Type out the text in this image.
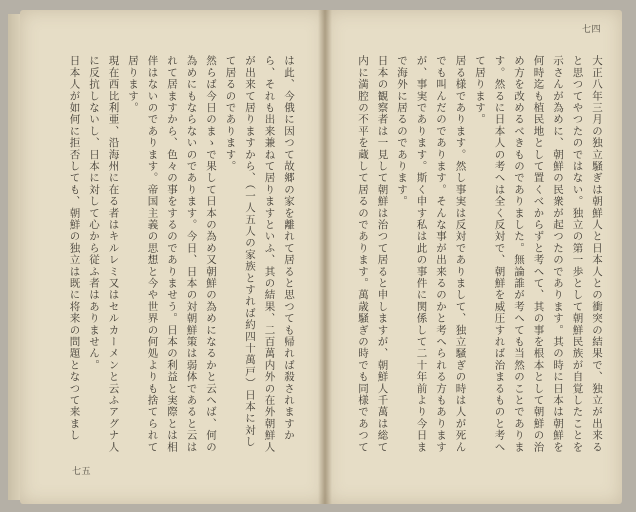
は此、今俄に因つて故郷の家を離れて居ると思つても帰れば殺されますから、それも出来兼ねて居りますといふ、其の結果、二百萬内外の在外朝鮮人が出来て居りますから、（一人五人の家族とすれば約四十萬戸）日本に対して居るのであります。

然らば今日のまゝで果して日本の為め又朝鮮の為めになるかと云へば、何の為めにもならないのであります。今日、日本の対朝鮮策は弱体であると云はれて居ますから、色々の事をするのでありませう。日本の利益と実際とは相伴はないのであります。帝国主義の思想と今や世界の何処よりも捨てられて居ります。

現在西比利亜、沿海州に在る者はキルレミ又はセルカーメンと云ふアグナ人に反抗しないし、日本に対して心から従ふ者はありません。

日本人が如何に拒否しても、朝鮮の独立は既に将来の問題となつて来まし	大正八年三月の独立騒ぎは朝鮮人と日本人との衝突の結果で、独立が出来ると思つてやつたのではない。独立の第一歩として朝鮮民族が自覚したことを示さんが為めに、朝鮮の民衆が起つたのであります。其の時に日本は朝鮮を何時迄も植民地として置くべからずと考へて、其の事を根本として朝鮮の治め方を改めるべきものでありました。無論誰が考へても当然のことであります。然るに日本人の考へは全く反対で、朝鮮を威圧すれば治まるものと考へて居ります。

居る様であります。然し事実は反対でありまして、独立騒ぎの時は人が死んでも叫んだのであります。そんな事が出来るのかと考へられる方もありますが、事実であります。斯く申す私は此の事件に関係して二十年前より今日まで海外に居るのであります。

日本の観察者は一見して朝鮮は治つて居ると申しますが、朝鮮人千萬は総て内に満腔の不平を蔵して居るのであります。萬歳騒ぎの時でも同様であつて

七五
七四
